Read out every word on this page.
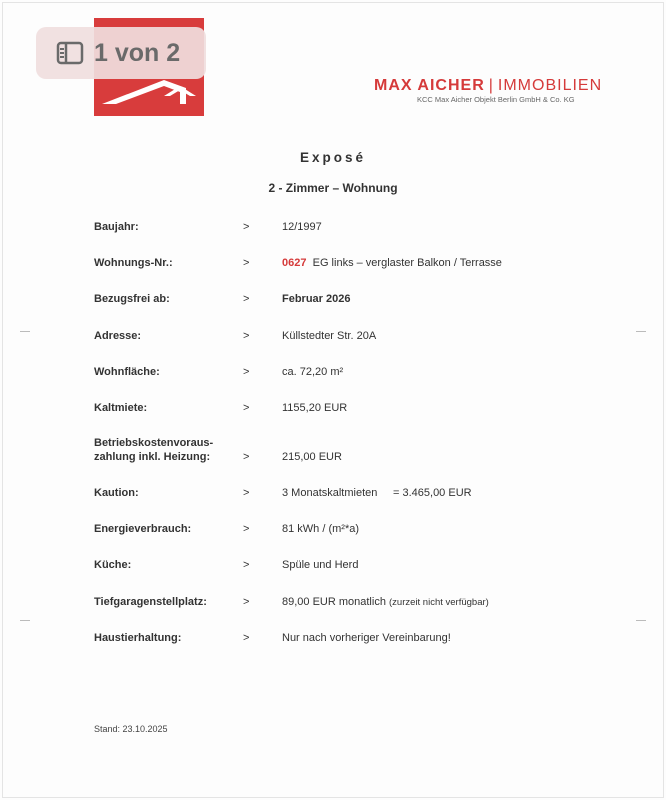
1 von 2
MAX AICHER | IMMOBILIEN
KCC Max Aicher Objekt Berlin GmbH & Co. KG
Exposé
2 - Zimmer – Wohnung
Baujahr:	>	12/1997
Wohnungs-Nr.:	>	0627 EG links – verglaster Balkon / Terrasse
Bezugsfrei ab:	>	Februar 2026
Adresse:	>	Küllstedter Str. 20A
Wohnfläche:	>	ca. 72,20 m²
Kaltmiete:	>	1155,20 EUR
Betriebskostenvoraus-
zahlung inkl. Heizung:	>	215,00 EUR
Kaution:	>	3 Monatskaltmieten = 3.465,00 EUR
Energieverbrauch:	>	81 kWh / (m²*a)
Küche:	>	Spüle und Herd
Tiefgaragenstellplatz:	>	89,00 EUR monatlich (zurzeit nicht verfügbar)
Haustierhaltung:	>	Nur nach vorheriger Vereinbarung!
Stand: 23.10.2025
